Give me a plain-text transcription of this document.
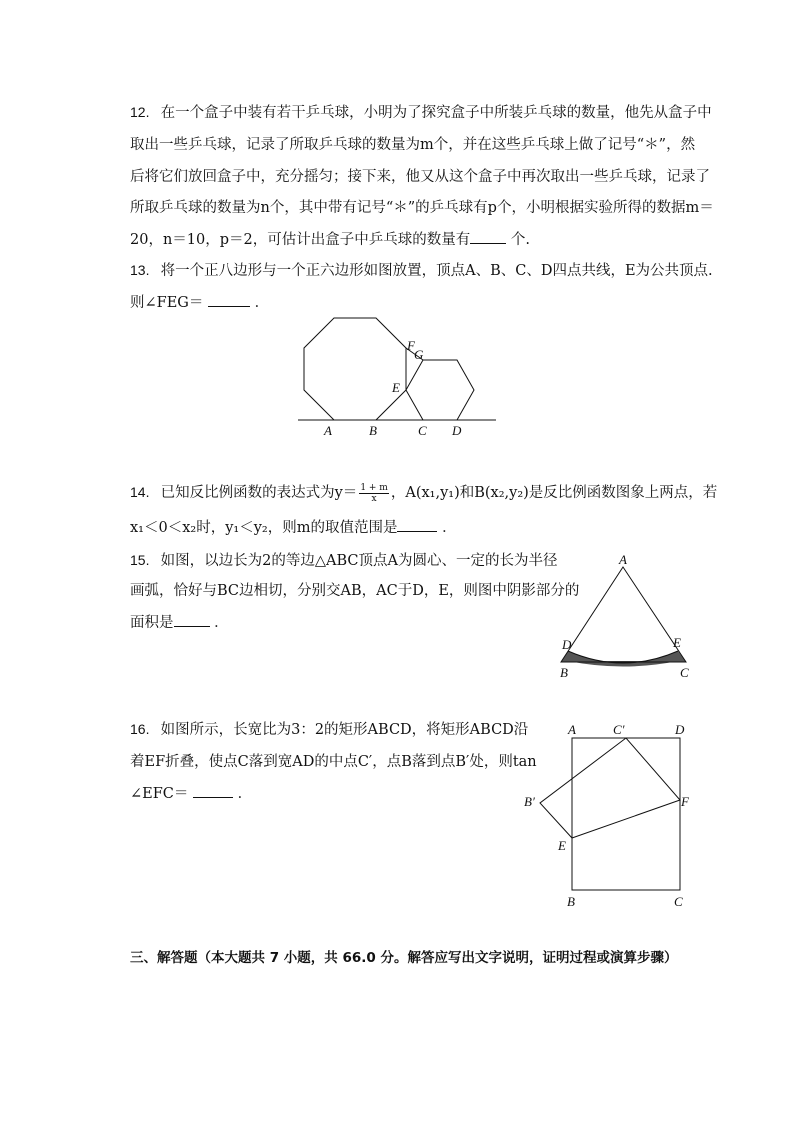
12. 在一个盒子中装有若干乒乓球，小明为了探究盒子中所装乒乓球的数量，他先从盒子中
取出一些乒乓球，记录了所取乒乓球的数量为m个，并在这些乒乓球上做了记号“＊”，然
后将它们放回盒子中，充分摇匀；接下来，他又从这个盒子中再次取出一些乒乓球，记录了
所取乒乓球的数量为n个，其中带有记号“＊”的乒乓球有p个，小明根据实验所得的数据m＝
20，n＝10，p＝2，可估计出盒子中乒乓球的数量有 个.
13. 将一个正八边形与一个正六边形如图放置，顶点A、B、C、D四点共线，E为公共顶点.
则∠FEG＝	．
A	B	C D
E
F
G
14. 已知反比例函数的表达式为$y= \frac{1 + m}{x}$ ，A(x₁,y₁)和B(x₂,y₂)是反比例函数图象上两点，若
x₁＜0＜x₂时，y₁＜y₂，则m的取值范围是	．
15. 如图，以边长为2的等边△ABC顶点A为圆心、一定的长为半径
画弧，恰好与BC边相切，分别交AB，AC于D，E，则图中阴影部分的
面积是	．
A
D	E
B	C
16. 如图所示，长宽比为3：2的矩形ABCD，将矩形ABCD沿
着EF折叠，使点C落到宽AD的中点C′，点B落到点B′处，则tan
∠EFC＝	．
A	C′	D
B′	F
E
B	C
三、解答题（本大题共 7 小题，共 66.0 分。解答应写出文字说明，证明过程或演算步骤）
